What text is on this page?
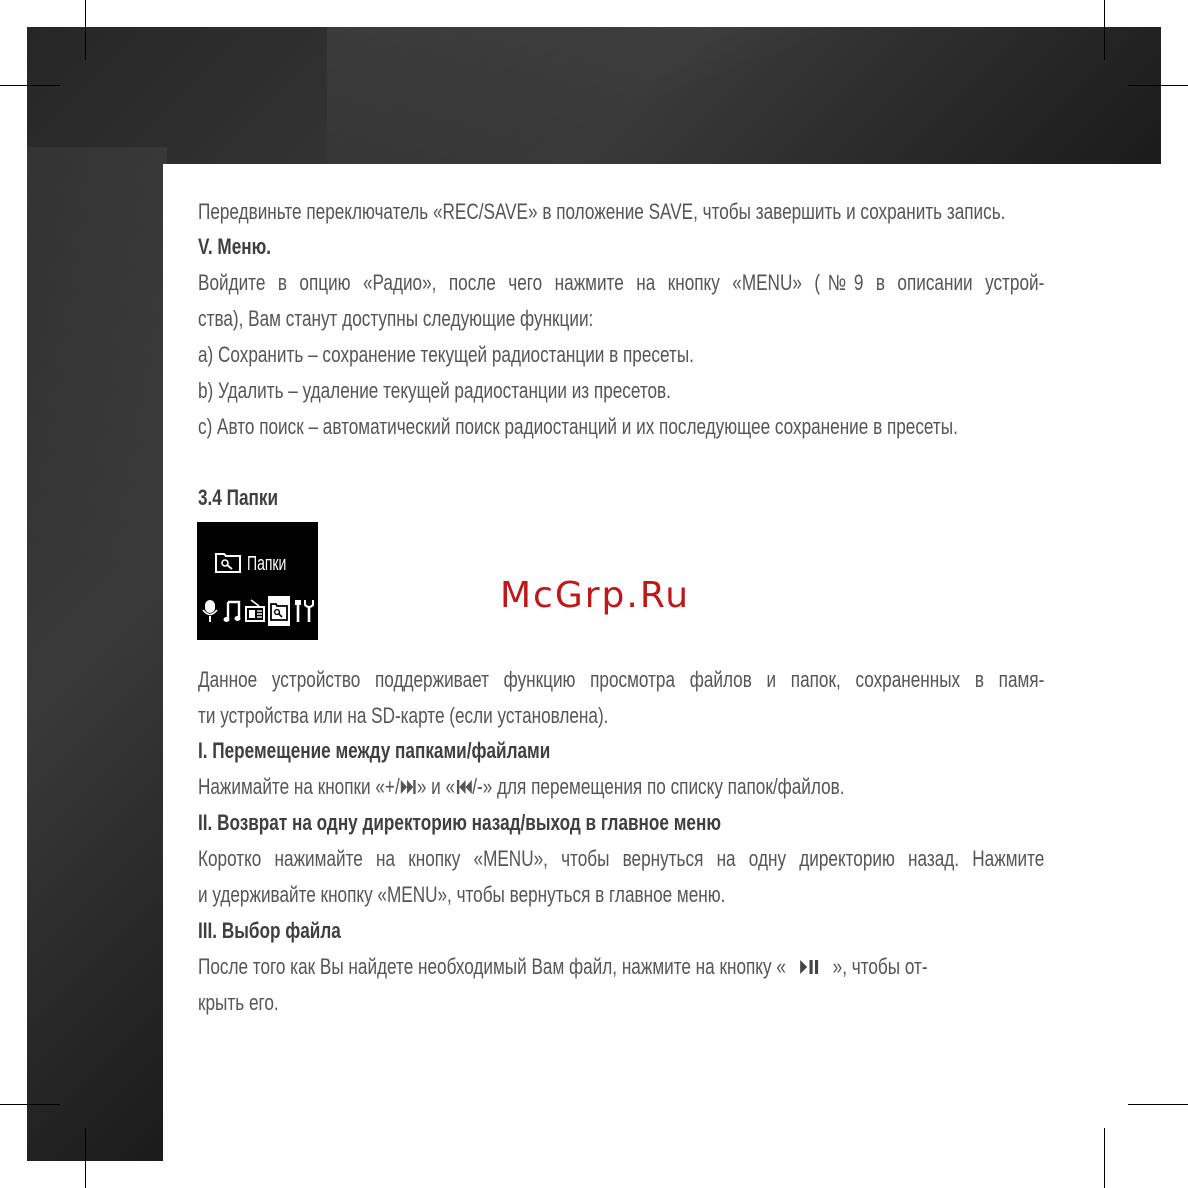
Передвиньте переключатель «REC/SAVE» в положение SAVE, чтобы завершить и сохранить запись.
V. Меню.
Войдите в опцию «Радио», после чего нажмите на кнопку «MENU» (№9 в описании устрой-
ства), Вам станут доступны следующие функции:
a) Сохранить – сохранение текущей радиостанции в пресеты.
b) Удалить – удаление текущей радиостанции из пресетов.
c) Авто поиск – автоматический поиск радиостанций и их последующее сохранение в пресеты.
3.4 Папки
Папки
McGrp.Ru
Данное устройство поддерживает функцию просмотра файлов и папок, сохраненных в памя-
ти устройства или на SD-карте (если установлена).
I. Перемещение между папками/файлами
Нажимайте на кнопки «+/ » и « /-» для перемещения по списку папок/файлов.
II. Возврат на одну директорию назад/выход в главное меню
Коротко нажимайте на кнопку «MENU», чтобы вернуться на одну директорию назад. Нажмите
и удерживайте кнопку «MENU», чтобы вернуться в главное меню.
III. Выбор файла
После того как Вы найдете необходимый Вам файл, нажмите на кнопку « », чтобы от-
крыть его.
